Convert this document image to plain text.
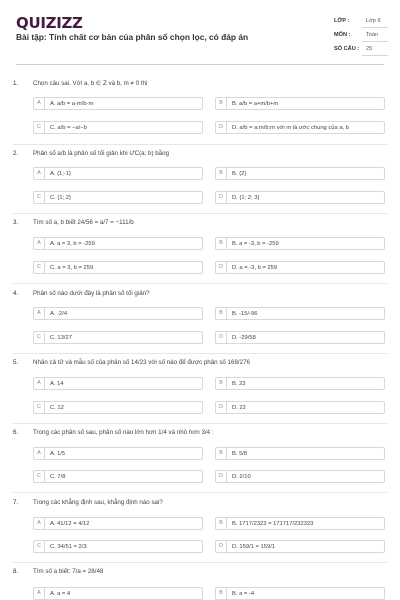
QUIZIZZ
Bài tập: Tính chất cơ bản của phân số chọn lọc, có đáp án
LỚP :	Lớp 6
MÔN :	Toán
SỐ CÂU : 25
1. Chọn câu sai. Với a, b ∈ Z và b, m ≠ 0 thì
A	A. a/b = a·m/b·m	B	B. a/b = a+m/b+m
C	C. a/b = −a/−b	D	D. a/b = a:m/b:m với m là ước chung của a, b
2. Phân số a/b là phân số tối giản khi ƯC(a; b) bằng
A	A. {1;-1}	B	B. {2}
C	C. {1; 2}	D	D. {1; 2; 3}
3. Tìm số a, b biết 24/56 = a/7 = −111/b
A	A. a = 3, b = -259	B	B. a = -3, b = -259
C	C. a = 3, b = 259	D	D. a = -3, b = 259
4. Phân số nào dưới đây là phân số tối giản?
A	A. -2/4	B	B. -15/-96
C	C. 13/27	D	D. -29/58
5. Nhân cả tử và mẫu số của phân số 14/23 với số nào để được phân số 168/276
A	A. 14	B	B. 23
C	C. 12	D	D. 22
6. Trong các phân số sau, phân số nào lớn hơn 1/4 và nhỏ hơn 3/4 :
A	A. 1/5	B	B. 5/8
C	C. 7/8	D	D. 2/10
7. Trong các khẳng định sau, khẳng định nào sai?
A	A. 41/12 = 4/12	B	B. 1717/2323 = 171717/232323
C	C. 34/51 = 2/3	D	D. 159/1 = 159/1
8. Tìm số a biết: 7/a = 28/48
A	A. a = 4	B	B. a = -4
